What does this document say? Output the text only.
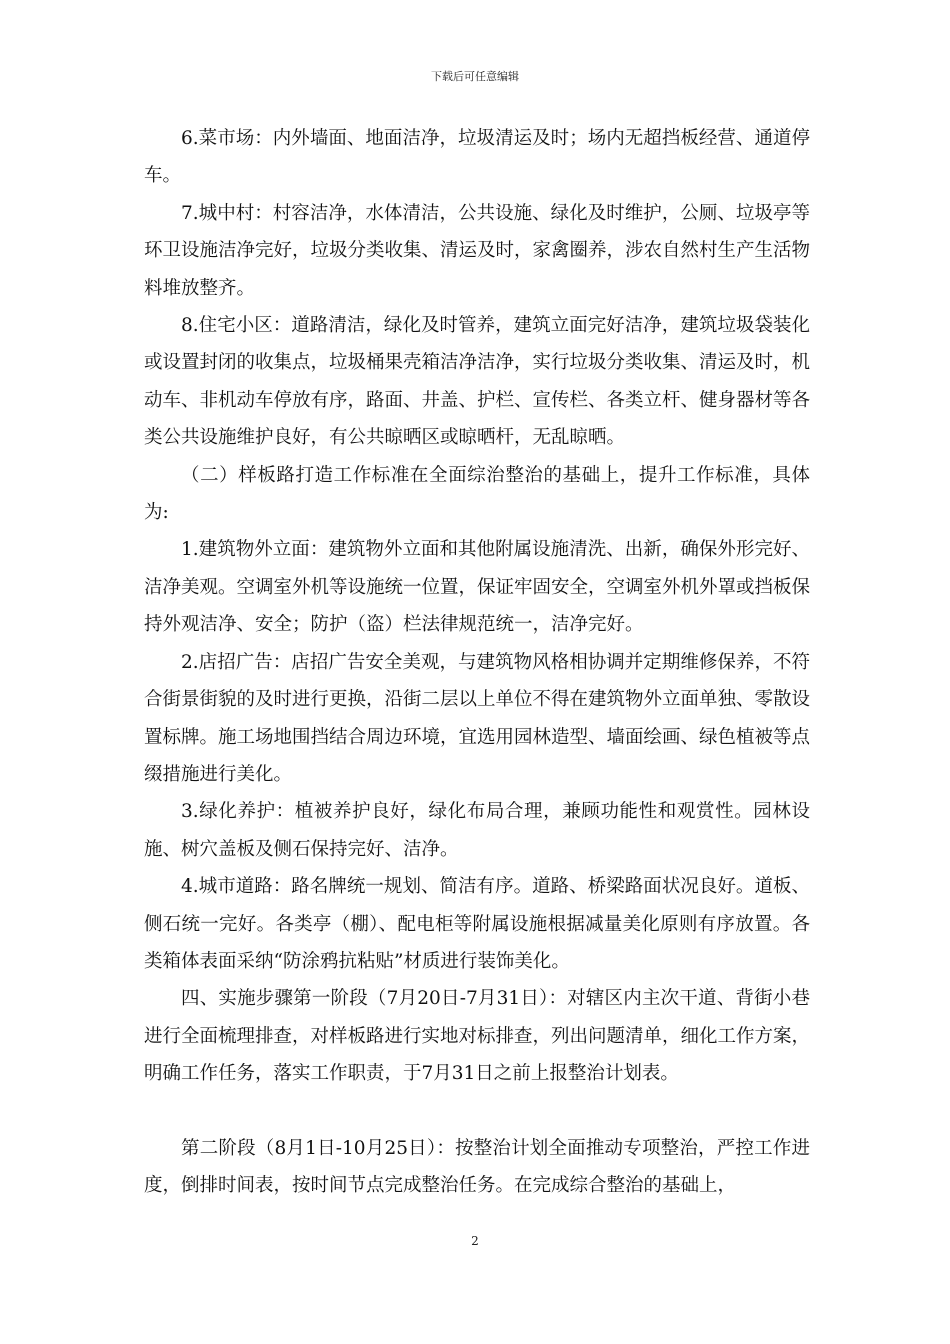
下载后可任意编辑

6.菜市场：内外墙面、地面洁净，垃圾清运及时；场内无超挡板经营、通道停车。

7.城中村：村容洁净，水体清洁，公共设施、绿化及时维护，公厕、垃圾亭等环卫设施洁净完好，垃圾分类收集、清运及时，家禽圈养，涉农自然村生产生活物料堆放整齐。

8.住宅小区：道路清洁，绿化及时管养，建筑立面完好洁净，建筑垃圾袋装化或设置封闭的收集点，垃圾桶果壳箱洁净洁净，实行垃圾分类收集、清运及时，机动车、非机动车停放有序，路面、井盖、护栏、宣传栏、各类立杆、健身器材等各类公共设施维护良好，有公共晾晒区或晾晒杆，无乱晾晒。

（二）样板路打造工作标准在全面综治整治的基础上，提升工作标准，具体为:

1.建筑物外立面：建筑物外立面和其他附属设施清洗、出新，确保外形完好、洁净美观。空调室外机等设施统一位置，保证牢固安全，空调室外机外罩或挡板保持外观洁净、安全；防护（盗）栏法律规范统一，洁净完好。

2.店招广告：店招广告安全美观，与建筑物风格相协调并定期维修保养，不符合街景街貌的及时进行更换，沿街二层以上单位不得在建筑物外立面单独、零散设置标牌。施工场地围挡结合周边环境，宜选用园林造型、墙面绘画、绿色植被等点缀措施进行美化。

3.绿化养护：植被养护良好，绿化布局合理，兼顾功能性和观赏性。园林设施、树穴盖板及侧石保持完好、洁净。

4.城市道路：路名牌统一规划、简洁有序。道路、桥梁路面状况良好。道板、侧石统一完好。各类亭（棚）、配电柜等附属设施根据减量美化原则有序放置。各类箱体表面采纳“防涂鸦抗粘贴”材质进行装饰美化。

四、实施步骤第一阶段（7月20日-7月31日）：对辖区内主次干道、背街小巷进行全面梳理排查，对样板路进行实地对标排查，列出问题清单，细化工作方案，明确工作任务，落实工作职责，于7月31日之前上报整治计划表。

第二阶段（8月1日-10月25日）：按整治计划全面推动专项整治，严控工作进度，倒排时间表，按时间节点完成整治任务。在完成综合整治的基础上，

2
